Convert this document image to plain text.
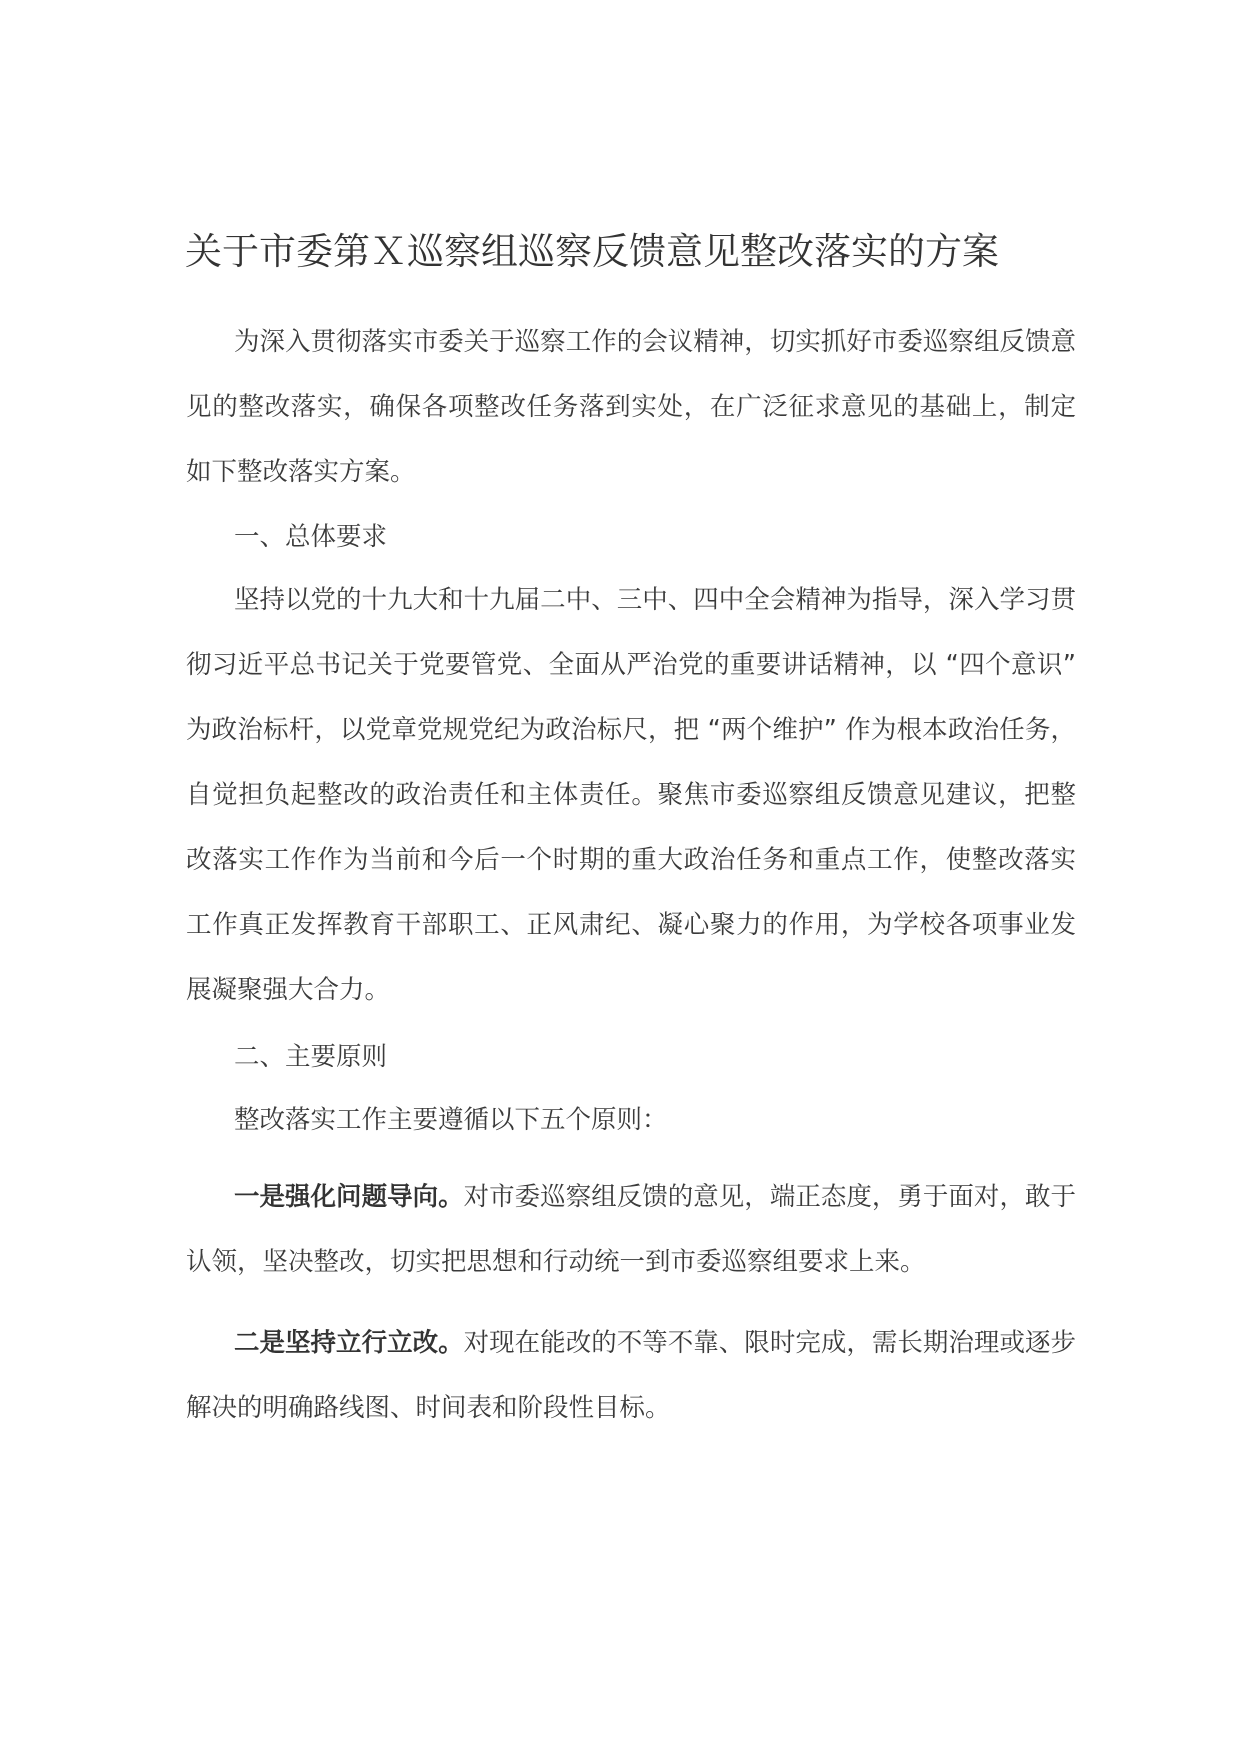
关于市委第Ｘ巡察组巡察反馈意见整改落实的方案

为深入贯彻落实市委关于巡察工作的会议精神，切实抓好市委巡察组反馈意见的整改落实，确保各项整改任务落到实处，在广泛征求意见的基础上，制定如下整改落实方案。

一、总体要求

坚持以党的十九大和十九届二中、三中、四中全会精神为指导，深入学习贯彻习近平总书记关于党要管党、全面从严治党的重要讲话精神，以 “四个意识” 为政治标杆，以党章党规党纪为政治标尺，把 “两个维护” 作为根本政治任务，自觉担负起整改的政治责任和主体责任。聚焦市委巡察组反馈意见建议，把整改落实工作作为当前和今后一个时期的重大政治任务和重点工作，使整改落实工作真正发挥教育干部职工、正风肃纪、凝心聚力的作用，为学校各项事业发展凝聚强大合力。

二、主要原则

整改落实工作主要遵循以下五个原则：

一是强化问题导向。对市委巡察组反馈的意见，端正态度，勇于面对，敢于认领，坚决整改，切实把思想和行动统一到市委巡察组要求上来。

二是坚持立行立改。对现在能改的不等不靠、限时完成，需长期治理或逐步解决的明确路线图、时间表和阶段性目标。
